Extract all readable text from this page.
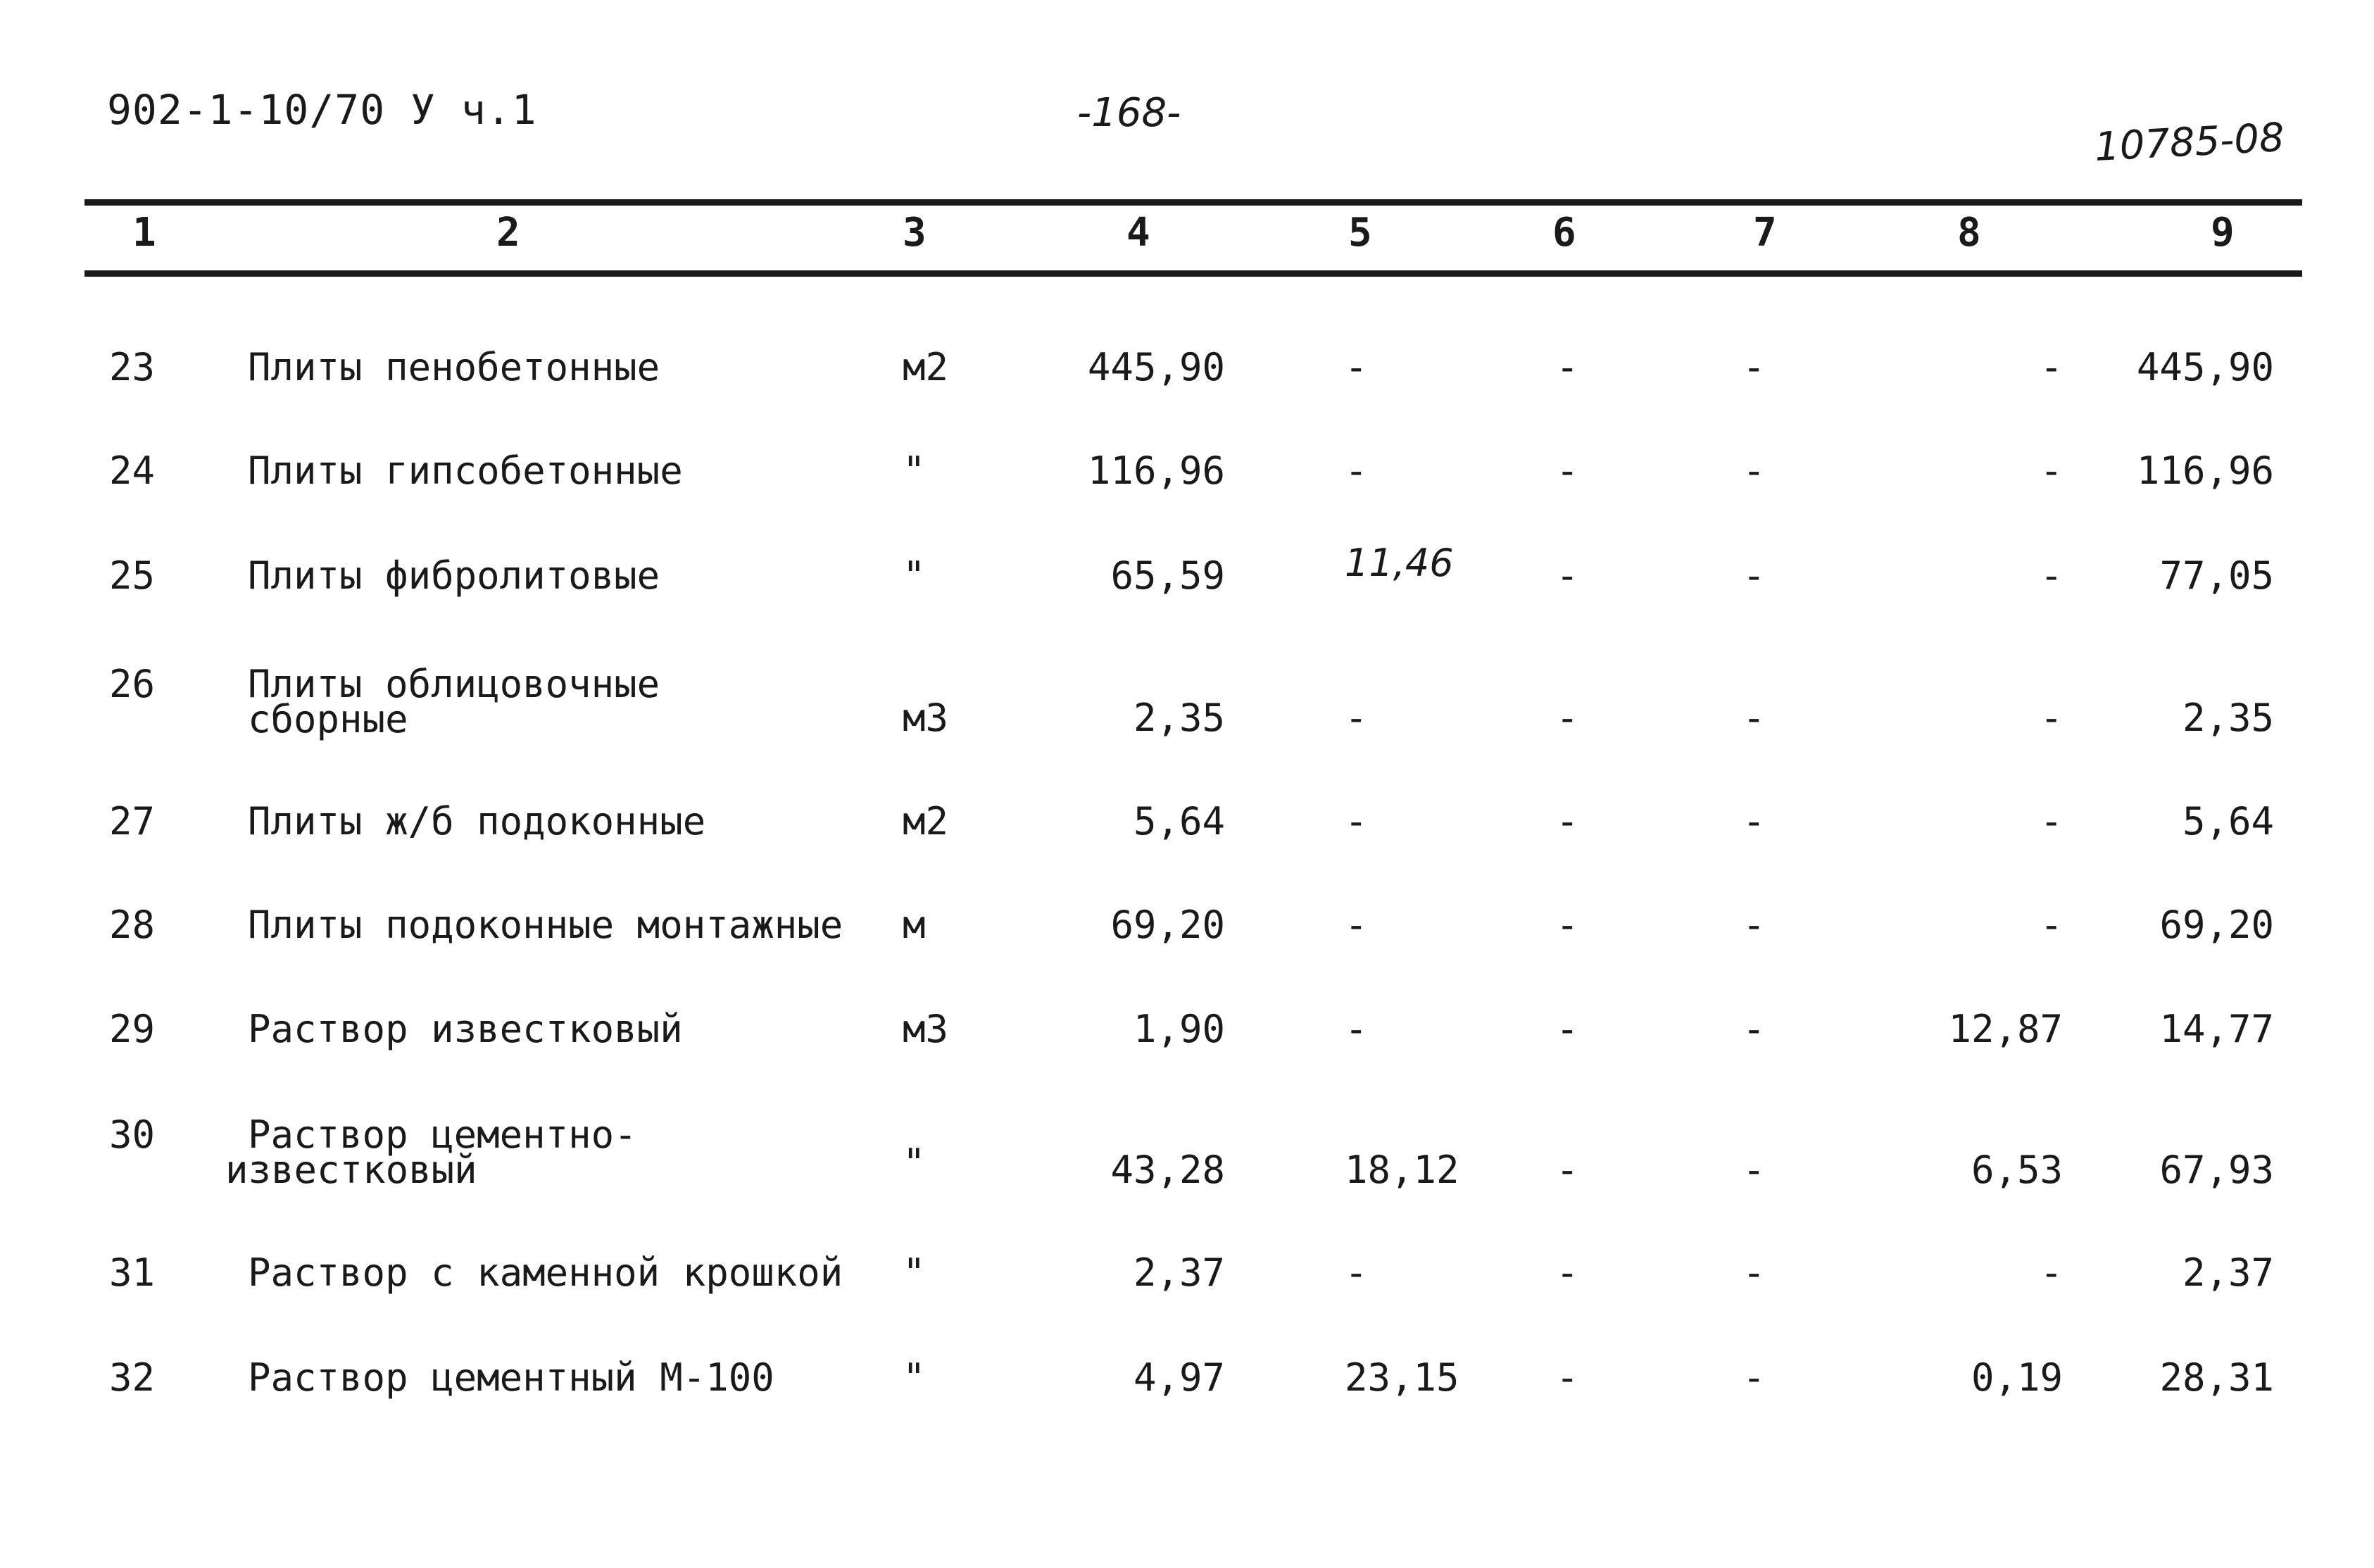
902-1-10/70 У ч.1	-168-
10785-08
1	2	3	4	5	6	7	8	9
23 Плиты пенобетонные	м2	445,90	-	-	-	- 445,90
24 Плиты гипсобетонные	"	116,96	-	-	-	- 116,96
25 Плиты фибролитовые	"	65,59	11,46	-	-	-	77,05
26 Плиты облицовочные
сборные	м3	2,35	-	-	-	-	2,35
27 Плиты ж/б подоконные	м2	5,64	-	-	-	-	5,64
28 Плиты подоконные монтажные м	69,20	-	-	-	-	69,20
29 Раствор известковый	м3	1,90	-	-	-	12,87	14,77
30 Раствор цементно-
известковый	"	43,28	18,12	-	-	6,53	67,93
31 Раствор с каменной крошкой "	2,37	-	-	-	-	2,37
32 Раствор цементный М-100	"	4,97	23,15	-	-	0,19	28,31
